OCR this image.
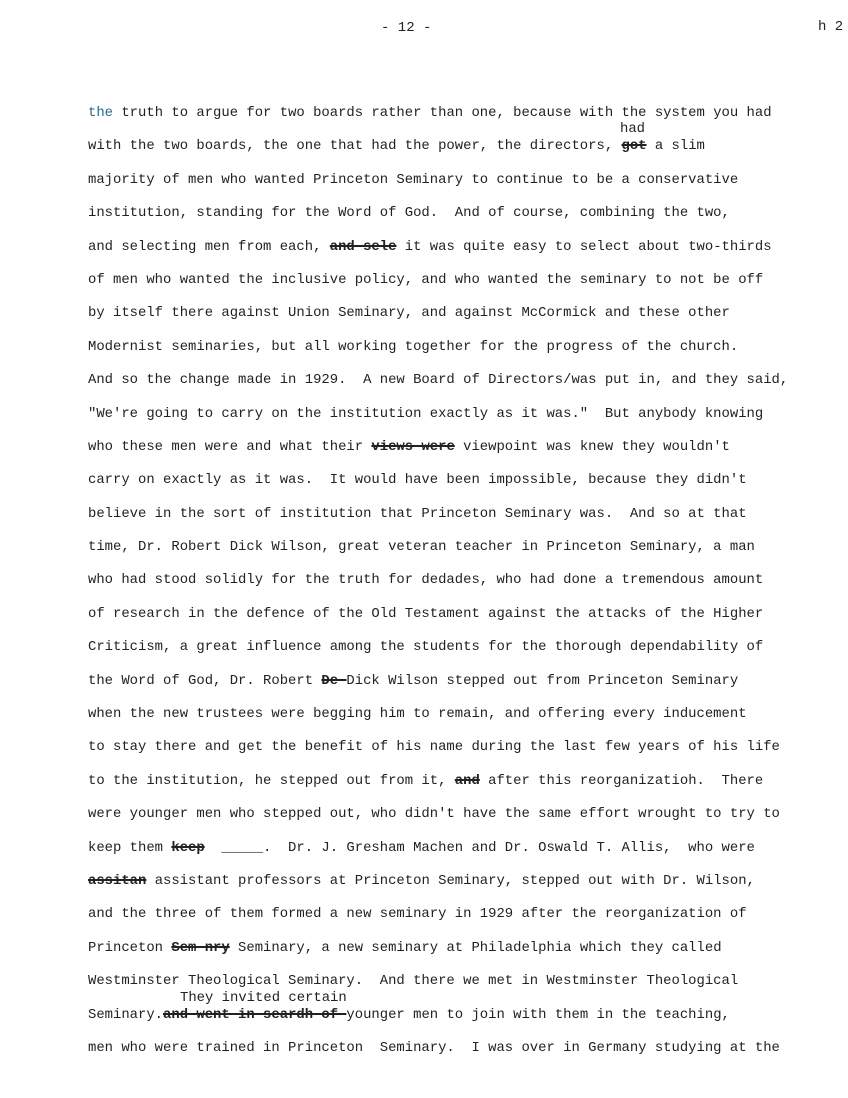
- 12 -	h 2
the truth to argue for two boards rather than one, because with the system you had
with the two boards, the one that had the power, the directors, got a slim
had
majority of men who wanted Princeton Seminary to continue to be a conservative
institution, standing for the Word of God.  And of course, combining the two,
and selecting men from each, and-sele it was quite easy to select about two-thirds
of men who wanted the inclusive policy, and who wanted the seminary to not be off
by itself there against Union Seminary, and against McCormick and these other
Modernist seminaries, but all working together for the progress of the church.
And so the change made in 1929.  A new Board of Directors/was put in, and they said,
"We're going to carry on the institution exactly as it was."  But anybody knowing
who these men were and what their views-were viewpoint was knew they wouldn't
carry on exactly as it was.  It would have been impossible, because they didn't
believe in the sort of institution that Princeton Seminary was.  And so at that
time, Dr. Robert Dick Wilson, great veteran teacher in Princeton Seminary, a man
who had stood solidly for the truth for dedades, who had done a tremendous amount
of research in the defence of the Old Testament against the attacks of the Higher
Criticism, a great influence among the students for the thorough dependability of
the Word of God, Dr. Robert De-Dick Wilson stepped out from Princeton Seminary
when the new trustees were begging him to remain, and offering every inducement
to stay there and get the benefit of his name during the last few years of his life
to the institution, he stepped out from it, and after this reorganizatioh.  There
were younger men who stepped out, who didn't have the same effort wrought to try to
keep them keep  _____.  Dr. J. Gresham Machen and Dr. Oswald T. Allis,  who were
assitan assistant professors at Princeton Seminary, stepped out with Dr. Wilson,
and the three of them formed a new seminary in 1929 after the reorganization of
Princeton Sem-nry Seminary, a new seminary at Philadelphia which they called
Westminster Theological Seminary.  And there we met in Westminster Theological
Seminary.and-went-in-seardh-of-younger men to join with them in the teaching,
They invited certain
men who were trained in Princeton  Seminary.  I was over in Germany studying at the
